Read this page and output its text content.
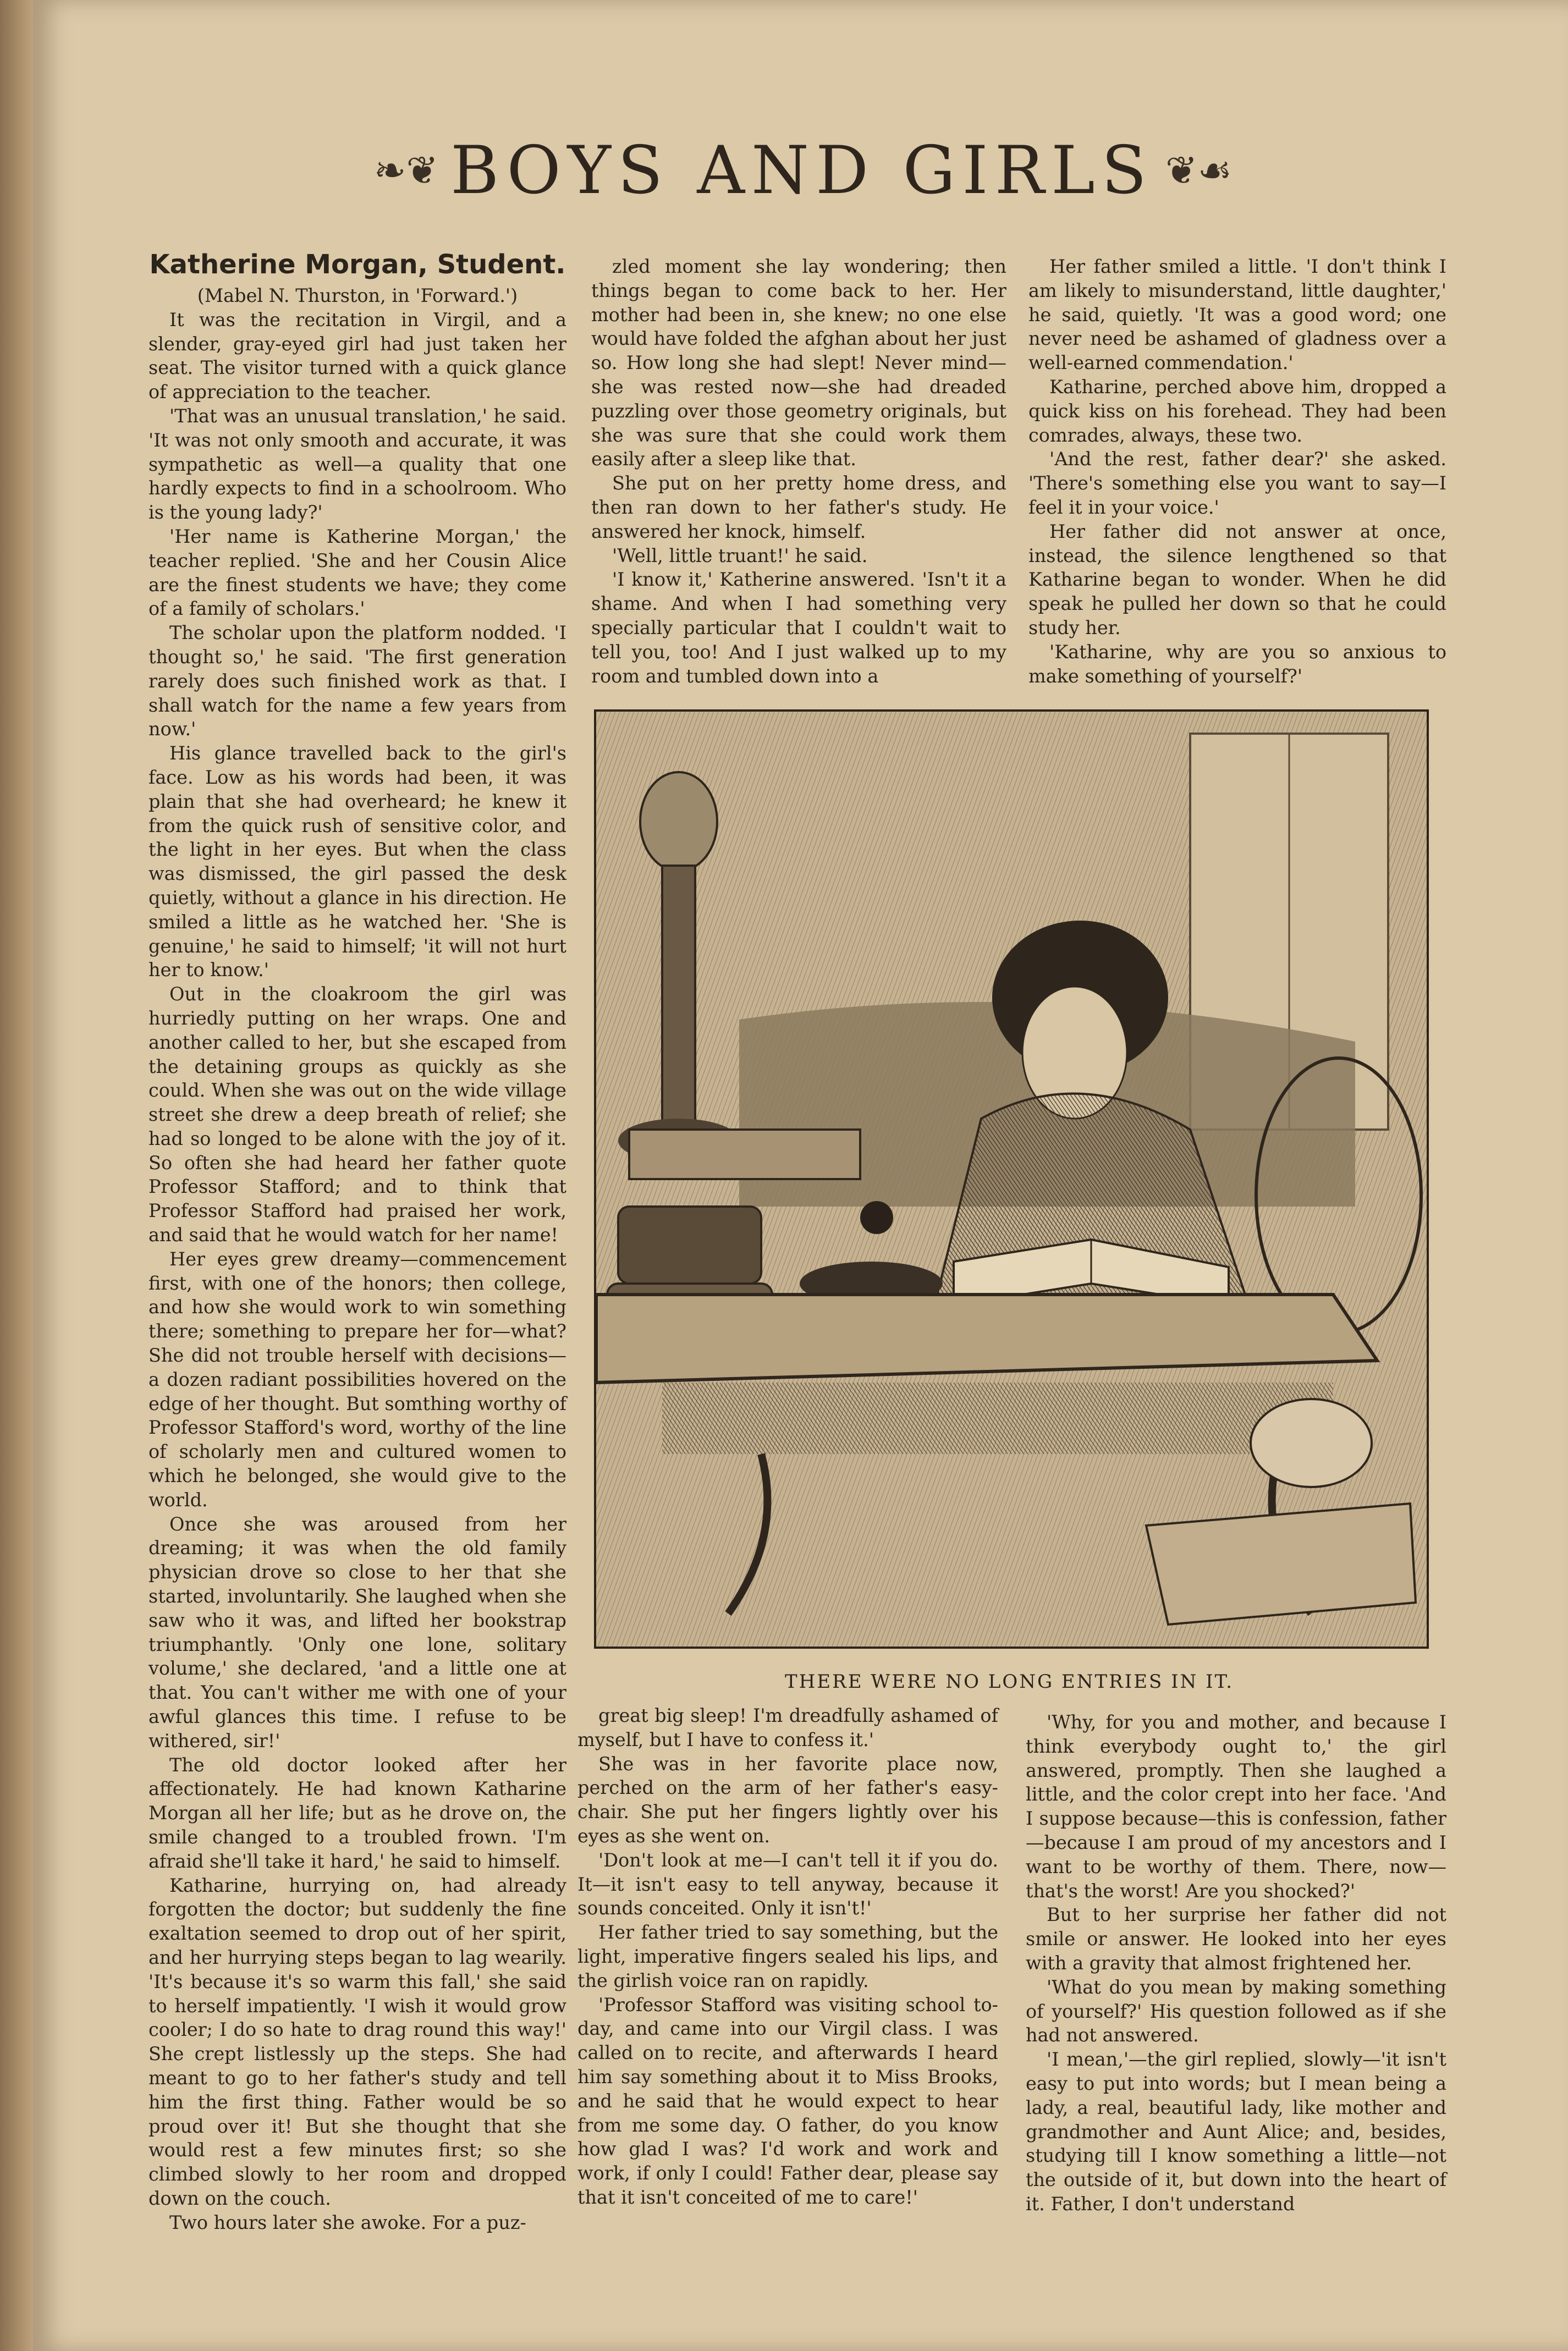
❧❦ BOYS AND GIRLS ❦☙
Katherine Morgan, Student.

(Mabel N. Thurston, in 'Forward.')

It was the recitation in Virgil, and a slender, gray-eyed girl had just taken her seat. The visitor turned with a quick glance of appreciation to the teacher.

'That was an unusual translation,' he said. 'It was not only smooth and accurate, it was sympathetic as well—a quality that one hardly expects to find in a schoolroom. Who is the young lady?'

'Her name is Katherine Morgan,' the teacher replied. 'She and her Cousin Alice are the finest students we have; they come of a family of scholars.'

The scholar upon the platform nodded. 'I thought so,' he said. 'The first generation rarely does such finished work as that. I shall watch for the name a few years from now.'

His glance travelled back to the girl's face. Low as his words had been, it was plain that she had overheard; he knew it from the quick rush of sensitive color, and the light in her eyes. But when the class was dismissed, the girl passed the desk quietly, without a glance in his direction. He smiled a little as he watched her. 'She is genuine,' he said to himself; 'it will not hurt her to know.'

Out in the cloakroom the girl was hurriedly putting on her wraps. One and another called to her, but she escaped from the detaining groups as quickly as she could. When she was out on the wide village street she drew a deep breath of relief; she had so longed to be alone with the joy of it. So often she had heard her father quote Professor Stafford; and to think that Professor Stafford had praised her work, and said that he would watch for her name!

Her eyes grew dreamy—commencement first, with one of the honors; then college, and how she would work to win something there; something to prepare her for—what? She did not trouble herself with decisions—a dozen radiant possibilities hovered on the edge of her thought. But somthing worthy of Professor Stafford's word, worthy of the line of scholarly men and cultured women to which he belonged, she would give to the world.

Once she was aroused from her dreaming; it was when the old family physician drove so close to her that she started, involuntarily. She laughed when she saw who it was, and lifted her bookstrap triumphantly. 'Only one lone, solitary volume,' she declared, 'and a little one at that. You can't wither me with one of your awful glances this time. I refuse to be withered, sir!'

The old doctor looked after her affectionately. He had known Katharine Morgan all her life; but as he drove on, the smile changed to a troubled frown. 'I'm afraid she'll take it hard,' he said to himself.

Katharine, hurrying on, had already forgotten the doctor; but suddenly the fine exaltation seemed to drop out of her spirit, and her hurrying steps began to lag wearily. 'It's because it's so warm this fall,' she said to herself impatiently. 'I wish it would grow cooler; I do so hate to drag round this way!' She crept listlessly up the steps. She had meant to go to her father's study and tell him the first thing. Father would be so proud over it! But she thought that she would rest a few minutes first; so she climbed slowly to her room and dropped down on the couch.

Two hours later she awoke. For a puz-

zled moment she lay wondering; then things began to come back to her. Her mother had been in, she knew; no one else would have folded the afghan about her just so. How long she had slept! Never mind—she was rested now—she had dreaded puzzling over those geometry originals, but she was sure that she could work them easily after a sleep like that.

She put on her pretty home dress, and then ran down to her father's study. He answered her knock, himself.

'Well, little truant!' he said.

'I know it,' Katherine answered. 'Isn't it a shame. And when I had something very specially particular that I couldn't wait to tell you, too! And I just walked up to my room and tumbled down into a

Her father smiled a little. 'I don't think I am likely to misunderstand, little daughter,' he said, quietly. 'It was a good word; one never need be ashamed of gladness over a well-earned commendation.'

Katharine, perched above him, dropped a quick kiss on his forehead. They had been comrades, always, these two.

'And the rest, father dear?' she asked. 'There's something else you want to say—I feel it in your voice.'

Her father did not answer at once, instead, the silence lengthened so that Katharine began to wonder. When he did speak he pulled her down so that he could study her.

'Katharine, why are you so anxious to make something of yourself?'

THERE WERE NO LONG ENTRIES IN IT.

great big sleep! I'm dreadfully ashamed of myself, but I have to confess it.'

She was in her favorite place now, perched on the arm of her father's easy-chair. She put her fingers lightly over his eyes as she went on.

'Don't look at me—I can't tell it if you do. It—it isn't easy to tell anyway, because it sounds conceited. Only it isn't!'

Her father tried to say something, but the light, imperative fingers sealed his lips, and the girlish voice ran on rapidly.

'Professor Stafford was visiting school to-day, and came into our Virgil class. I was called on to recite, and afterwards I heard him say something about it to Miss Brooks, and he said that he would expect to hear from me some day. O father, do you know how glad I was? I'd work and work and work, if only I could! Father dear, please say that it isn't conceited of me to care!'

'Why, for you and mother, and because I think everybody ought to,' the girl answered, promptly. Then she laughed a little, and the color crept into her face. 'And I suppose because—this is confession, father—because I am proud of my ancestors and I want to be worthy of them. There, now—that's the worst! Are you shocked?'

But to her surprise her father did not smile or answer. He looked into her eyes with a gravity that almost frightened her.

'What do you mean by making something of yourself?' His question followed as if she had not answered.

'I mean,'—the girl replied, slowly—'it isn't easy to put into words; but I mean being a lady, a real, beautiful lady, like mother and grandmother and Aunt Alice; and, besides, studying till I know something a little—not the outside of it, but down into the heart of it. Father, I don't understand
